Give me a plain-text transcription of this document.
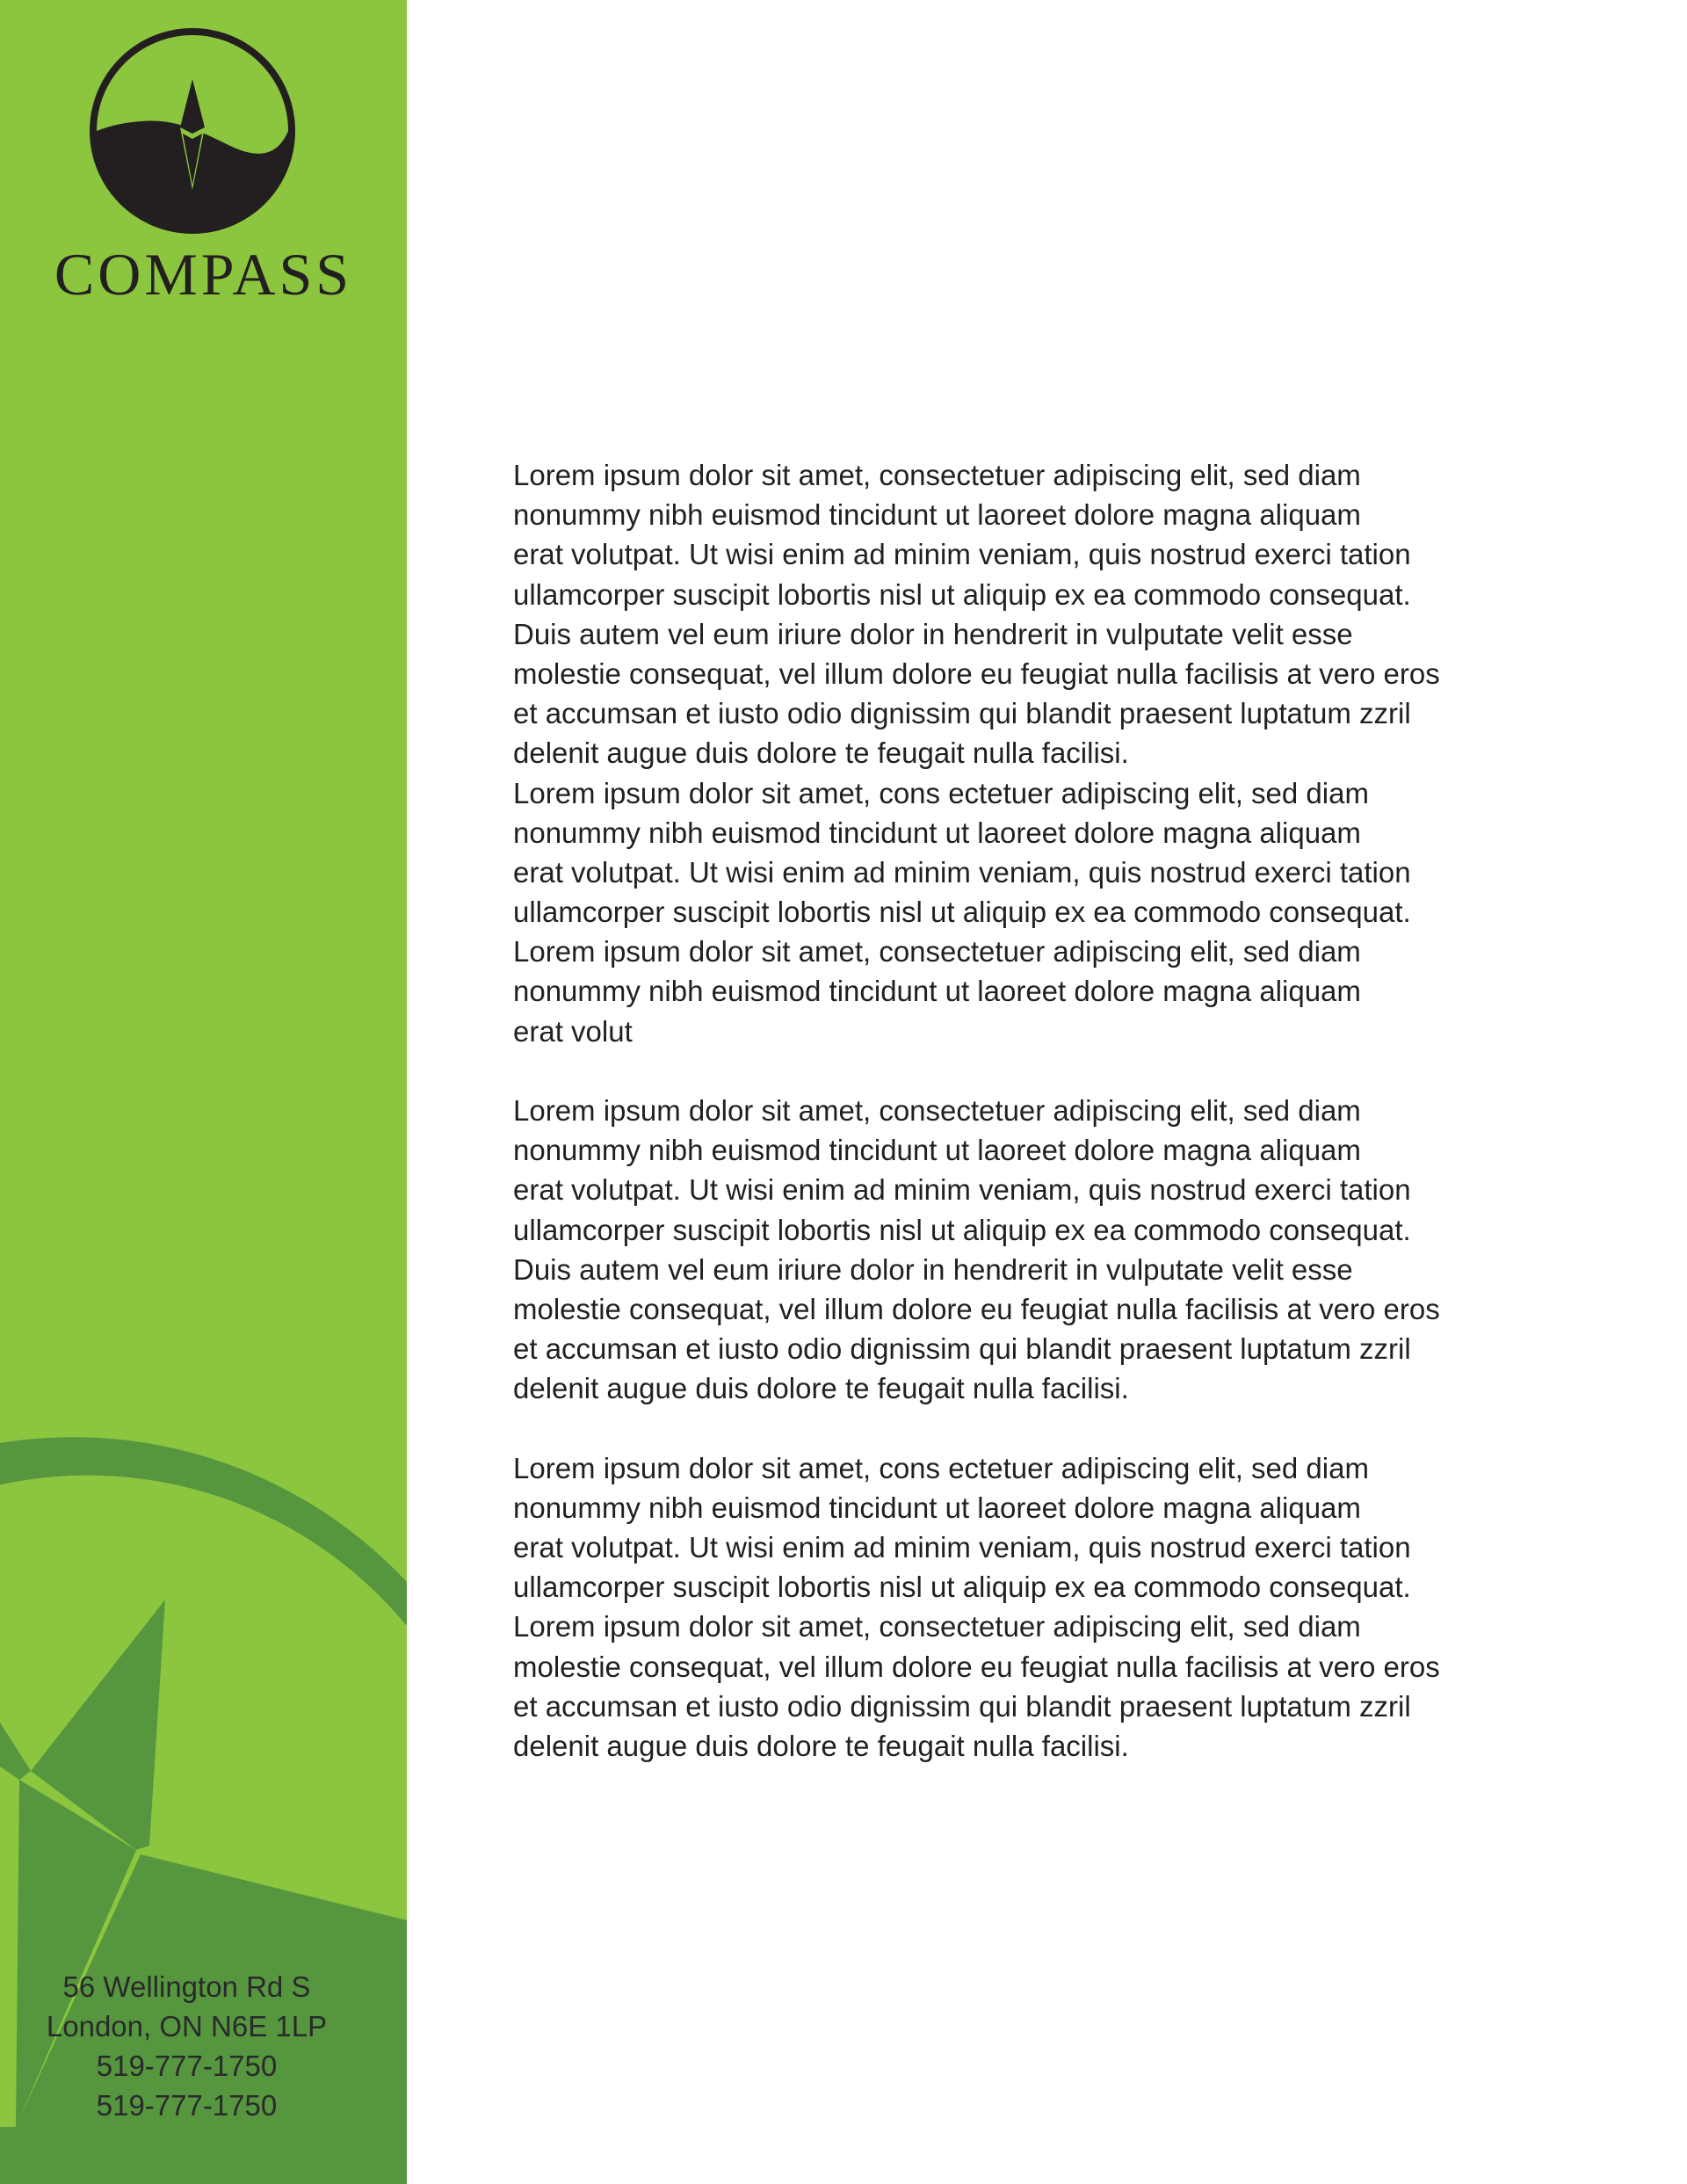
COMPASS
56 Wellington Rd S
London, ON N6E 1LP
519-777-1750
519-777-1750
Lorem ipsum dolor sit amet, consectetuer adipiscing elit, sed diam
nonummy nibh euismod tincidunt ut laoreet dolore magna aliquam
erat volutpat. Ut wisi enim ad minim veniam, quis nostrud exerci tation
ullamcorper suscipit lobortis nisl ut aliquip ex ea commodo consequat.
Duis autem vel eum iriure dolor in hendrerit in vulputate velit esse
molestie consequat, vel illum dolore eu feugiat nulla facilisis at vero eros
et accumsan et iusto odio dignissim qui blandit praesent luptatum zzril
delenit augue duis dolore te feugait nulla facilisi.
Lorem ipsum dolor sit amet, cons ectetuer adipiscing elit, sed diam
nonummy nibh euismod tincidunt ut laoreet dolore magna aliquam
erat volutpat. Ut wisi enim ad minim veniam, quis nostrud exerci tation
ullamcorper suscipit lobortis nisl ut aliquip ex ea commodo consequat.
Lorem ipsum dolor sit amet, consectetuer adipiscing elit, sed diam
nonummy nibh euismod tincidunt ut laoreet dolore magna aliquam
erat volut
Lorem ipsum dolor sit amet, consectetuer adipiscing elit, sed diam
nonummy nibh euismod tincidunt ut laoreet dolore magna aliquam
erat volutpat. Ut wisi enim ad minim veniam, quis nostrud exerci tation
ullamcorper suscipit lobortis nisl ut aliquip ex ea commodo consequat.
Duis autem vel eum iriure dolor in hendrerit in vulputate velit esse
molestie consequat, vel illum dolore eu feugiat nulla facilisis at vero eros
et accumsan et iusto odio dignissim qui blandit praesent luptatum zzril
delenit augue duis dolore te feugait nulla facilisi.
Lorem ipsum dolor sit amet, cons ectetuer adipiscing elit, sed diam
nonummy nibh euismod tincidunt ut laoreet dolore magna aliquam
erat volutpat. Ut wisi enim ad minim veniam, quis nostrud exerci tation
ullamcorper suscipit lobortis nisl ut aliquip ex ea commodo consequat.
Lorem ipsum dolor sit amet, consectetuer adipiscing elit, sed diam
molestie consequat, vel illum dolore eu feugiat nulla facilisis at vero eros
et accumsan et iusto odio dignissim qui blandit praesent luptatum zzril
delenit augue duis dolore te feugait nulla facilisi.
